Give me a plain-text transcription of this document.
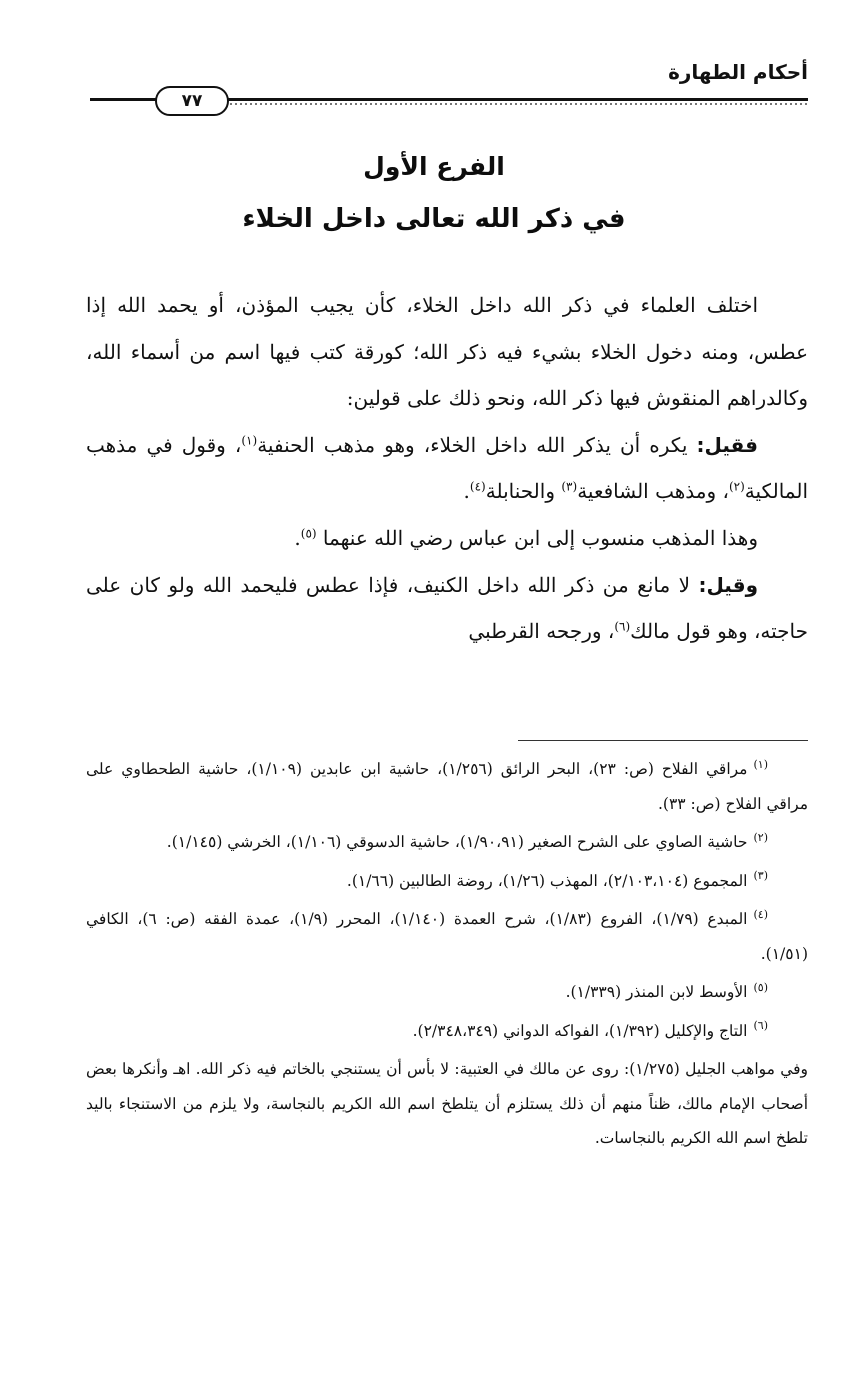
أحكام الطهارة
٧٧
الفرع الأول
في ذكر الله تعالى داخل الخلاء

اختلف العلماء في ذكر الله داخل الخلاء، كأن يجيب المؤذن، أو يحمد الله إذا عطس، ومنه دخول الخلاء بشيء فيه ذكر الله؛ كورقة كتب فيها اسم من أسماء الله، وكالدراهم المنقوش فيها ذكر الله، ونحو ذلك على قولين:

فقيل: يكره أن يذكر الله داخل الخلاء، وهو مذهب الحنفية$^{(١)}$، وقول في مذهب المالكية$^{(٢)}$، ومذهب الشافعية$^{(٣)}$ والحنابلة$^{(٤)}$.

وهذا المذهب منسوب إلى ابن عباس رضي الله عنهما $^{(٥)}$.

وقيل: لا مانع من ذكر الله داخل الكنيف، فإذا عطس فليحمد الله ولو كان على حاجته، وهو قول مالك$^{(٦)}$، ورجحه القرطبي

$^{(١)}$مراقي الفلاح (ص: ٢٣)، البحر الرائق (١/٢٥٦)، حاشية ابن عابدين (١/١٠٩)، حاشية الطحطاوي على مراقي الفلاح (ص: ٣٣).

$^{(٢)}$حاشية الصاوي على الشرح الصغير (١/٩٠،٩١)، حاشية الدسوقي (١/١٠٦)، الخرشي (١/١٤٥).

$^{(٣)}$المجموع (٢/١٠٣،١٠٤)، المهذب (١/٢٦)، روضة الطالبين (١/٦٦).

$^{(٤)}$المبدع (١/٧٩)، الفروع (١/٨٣)، شرح العمدة (١/١٤٠)، المحرر (١/٩)، عمدة الفقه (ص: ٦)، الكافي (١/٥١).

$^{(٥)}$الأوسط لابن المنذر (١/٣٣٩).

$^{(٦)}$التاج والإكليل (١/٣٩٢)، الفواكه الدواني (٢/٣٤٨،٣٤٩).

وفي مواهب الجليل (١/٢٧٥): روى عن مالك في العتبية: لا بأس أن يستنجي بالخاتم فيه ذكر الله. اهـ وأنكرها بعض أصحاب الإمام مالك، ظناً منهم أن ذلك يستلزم أن يتلطخ اسم الله الكريم بالنجاسة، ولا يلزم من الاستنجاء باليد تلطخ اسم الله الكريم بالنجاسات.
